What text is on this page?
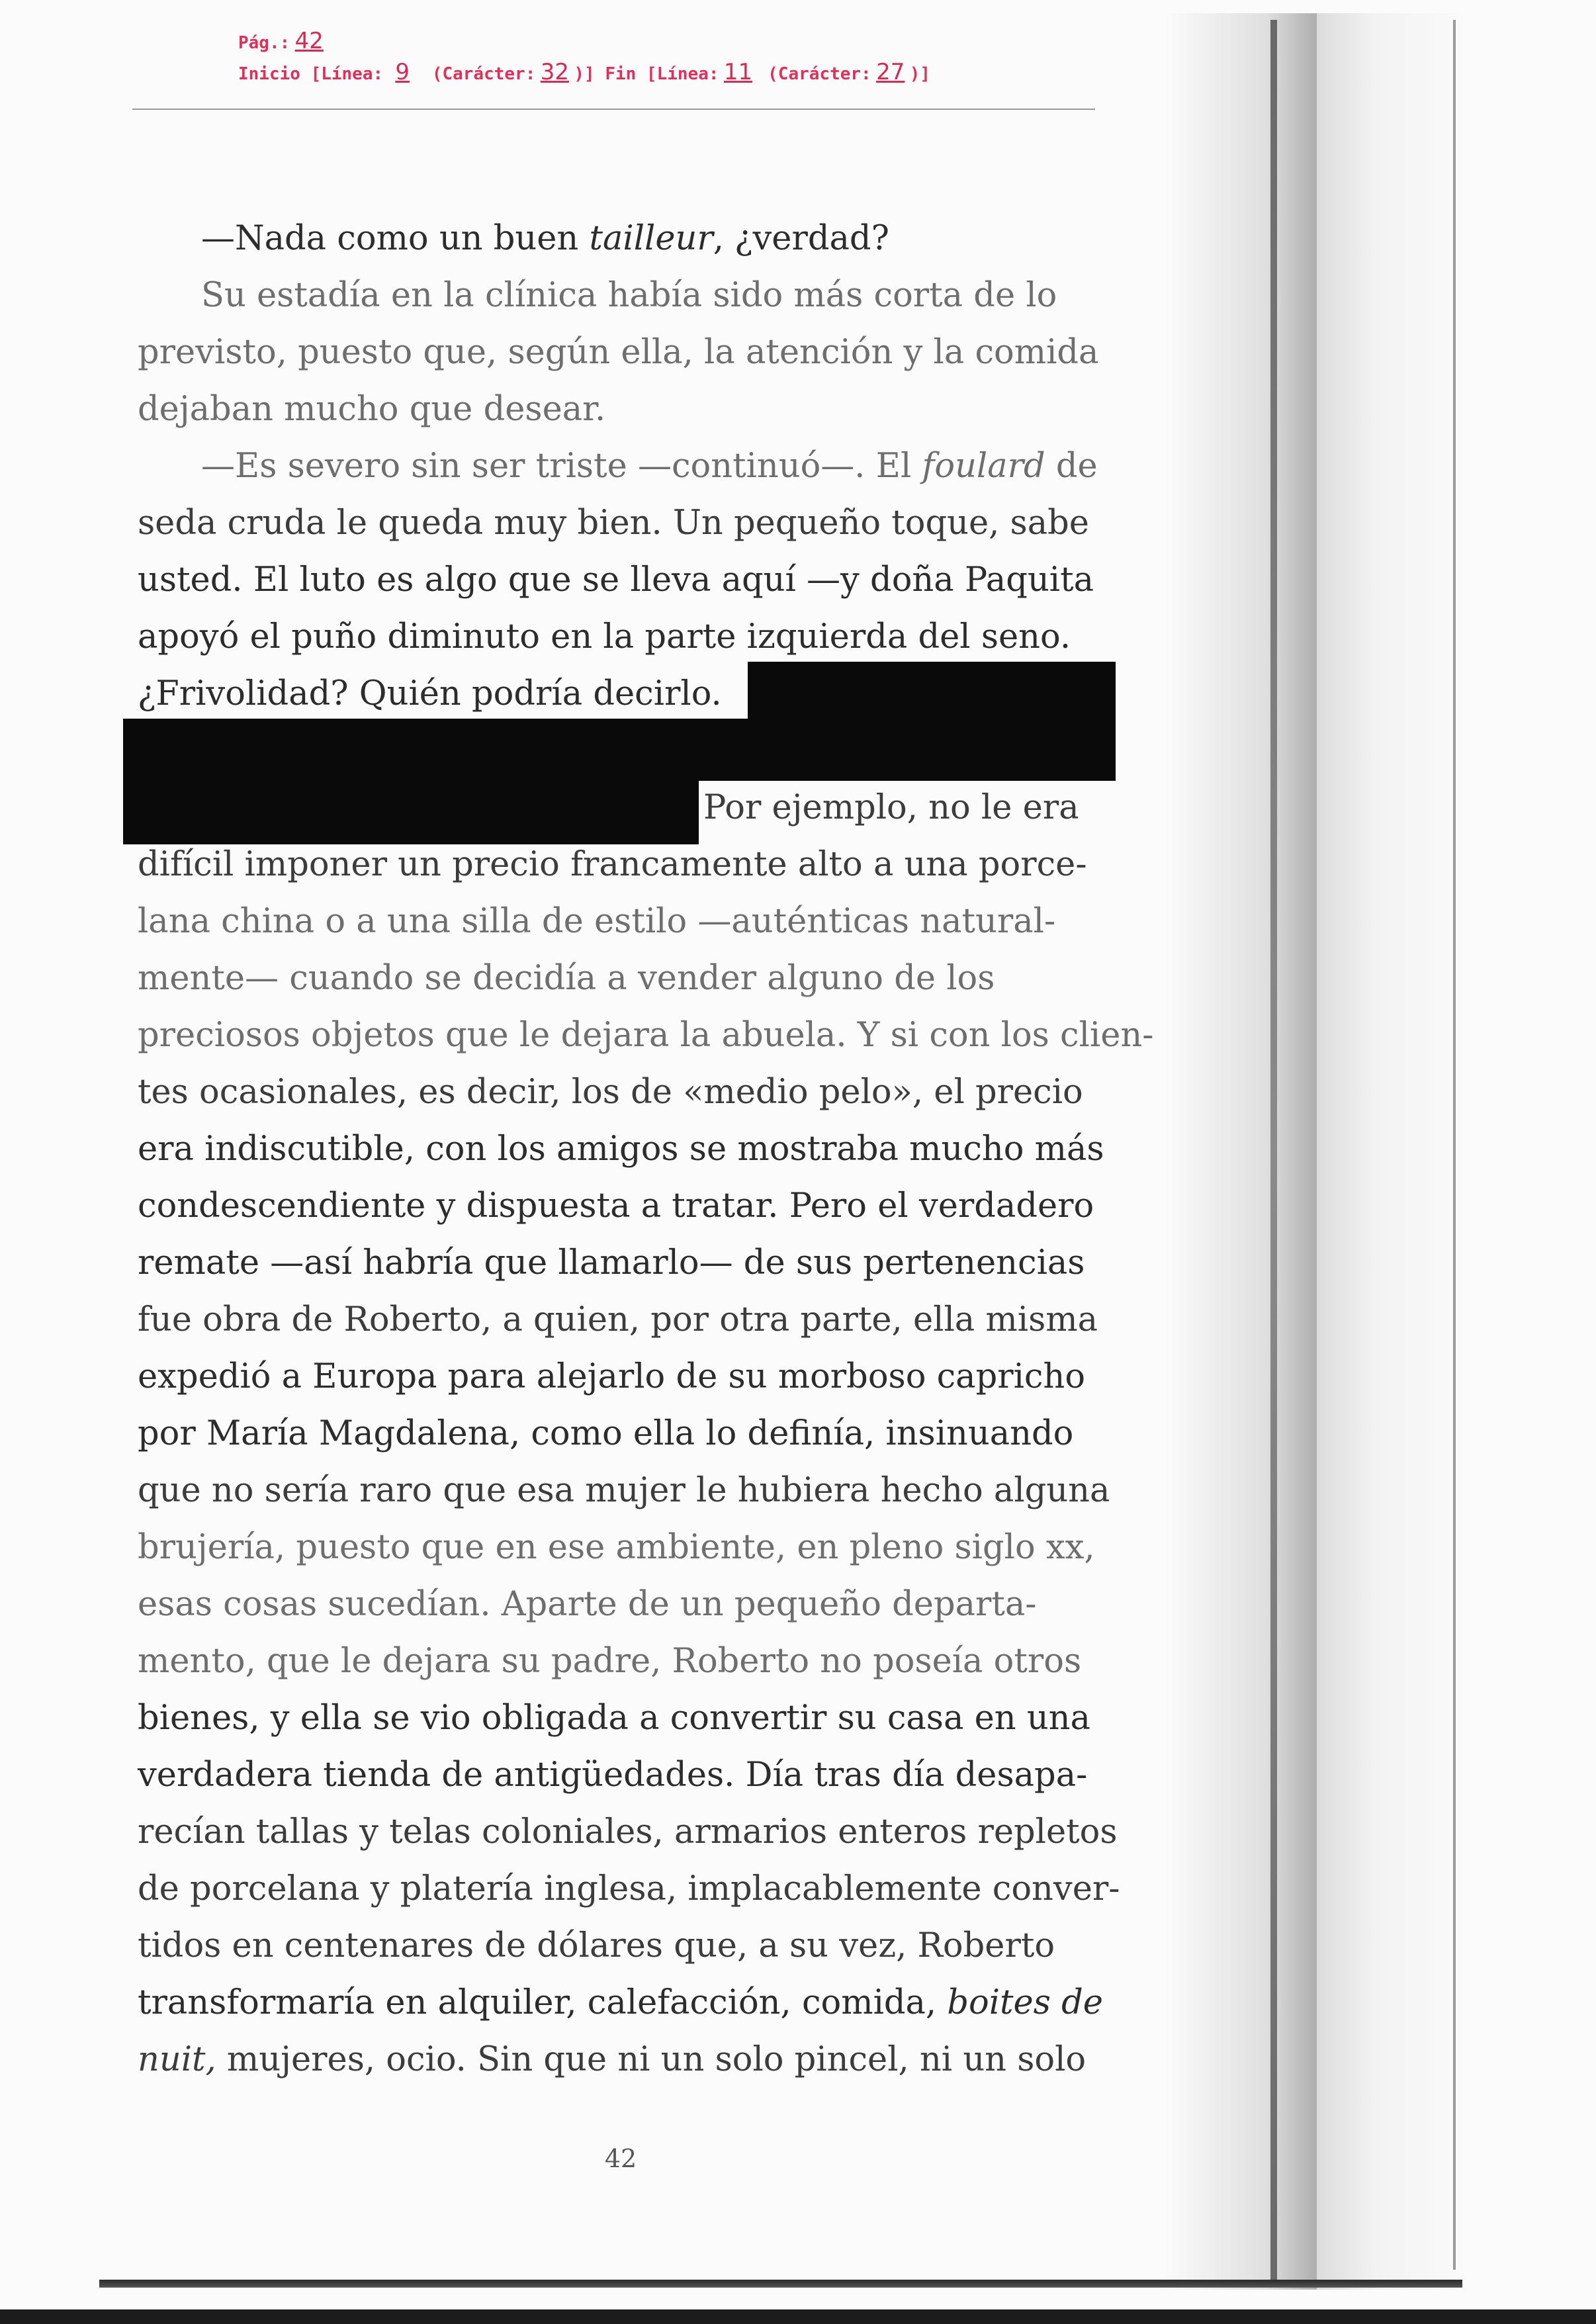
Pág.: 42
Inicio [Línea: 9 (Carácter: 32 )] Fin [Línea: 11 (Carácter: 27 )]
—Nada como un buen tailleur , ¿verdad?
Su estadía en la clínica había sido más corta de lo
previsto, puesto que, según ella, la atención y la comida
dejaban mucho que desear.
—Es severo sin ser triste —continuó—. El foulard de
seda cruda le queda muy bien. Un pequeño toque, sabe
usted. El luto es algo que se lleva aquí —y doña Paquita
apoyó el puño diminuto en la parte izquierda del seno.
¿Frivolidad? Quién podría decirlo.
Por ejemplo, no le era
difícil imponer un precio francamente alto a una porce-
lana china o a una silla de estilo —auténticas natural-
mente— cuando se decidía a vender alguno de los
preciosos objetos que le dejara la abuela. Y si con los clien-
tes ocasionales, es decir, los de «medio pelo», el precio
era indiscutible, con los amigos se mostraba mucho más
condescendiente y dispuesta a tratar. Pero el verdadero
remate —así habría que llamarlo— de sus pertenencias
fue obra de Roberto, a quien, por otra parte, ella misma
expedió a Europa para alejarlo de su morboso capricho
por María Magdalena, como ella lo definía, insinuando
que no sería raro que esa mujer le hubiera hecho alguna
brujería, puesto que en ese ambiente, en pleno siglo xx,
esas cosas sucedían. Aparte de un pequeño departa-
mento, que le dejara su padre, Roberto no poseía otros
bienes, y ella se vio obligada a convertir su casa en una
verdadera tienda de antigüedades. Día tras día desapa-
recían tallas y telas coloniales, armarios enteros repletos
de porcelana y platería inglesa, implacablemente conver-
tidos en centenares de dólares que, a su vez, Roberto
transformaría en alquiler, calefacción, comida, boites de
nuit, mujeres, ocio. Sin que ni un solo pincel, ni un solo
42
